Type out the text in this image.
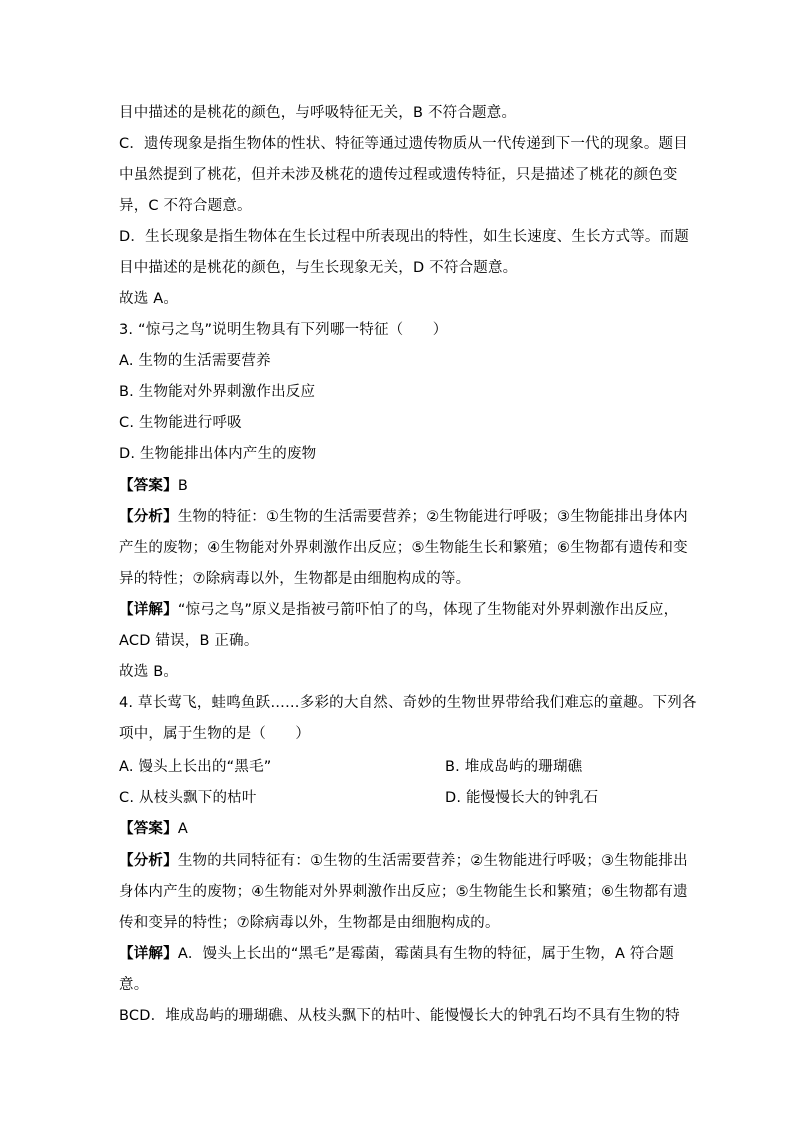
目中描述的是桃花的颜色，与呼吸特征无关，B 不符合题意。
C．遗传现象是指生物体的性状、特征等通过遗传物质从一代传递到下一代的现象。题目
中虽然提到了桃花，但并未涉及桃花的遗传过程或遗传特征，只是描述了桃花的颜色变
异，C 不符合题意。
D．生长现象是指生物体在生长过程中所表现出的特性，如生长速度、生长方式等。而题
目中描述的是桃花的颜色，与生长现象无关，D 不符合题意。
故选 A。
3. “惊弓之鸟”说明生物具有下列哪一特征（　　）
A. 生物的生活需要营养
B. 生物能对外界刺激作出反应
C. 生物能进行呼吸
D. 生物能排出体内产生的废物
【答案】B
【分析】生物的特征：①生物的生活需要营养；②生物能进行呼吸；③生物能排出身体内
产生的废物；④生物能对外界刺激作出反应；⑤生物能生长和繁殖；⑥生物都有遗传和变
异的特性；⑦除病毒以外，生物都是由细胞构成的等。
【详解】“惊弓之鸟”原义是指被弓箭吓怕了的鸟，体现了生物能对外界刺激作出反应，
ACD 错误，B 正确。
故选 B。
4. 草长莺飞，蛙鸣鱼跃……多彩的大自然、奇妙的生物世界带给我们难忘的童趣。下列各
项中，属于生物的是（　　）
A. 馒头上长出的“黑毛”	B. 堆成岛屿的珊瑚礁
C. 从枝头飘下的枯叶	D. 能慢慢长大的钟乳石
【答案】A
【分析】生物的共同特征有：①生物的生活需要营养；②生物能进行呼吸；③生物能排出
身体内产生的废物；④生物能对外界刺激作出反应；⑤生物能生长和繁殖；⑥生物都有遗
传和变异的特性；⑦除病毒以外，生物都是由细胞构成的。
【详解】A．馒头上长出的“黑毛”是霉菌，霉菌具有生物的特征，属于生物，A 符合题
意。
BCD．堆成岛屿的珊瑚礁、从枝头飘下的枯叶、能慢慢长大的钟乳石均不具有生物的特
